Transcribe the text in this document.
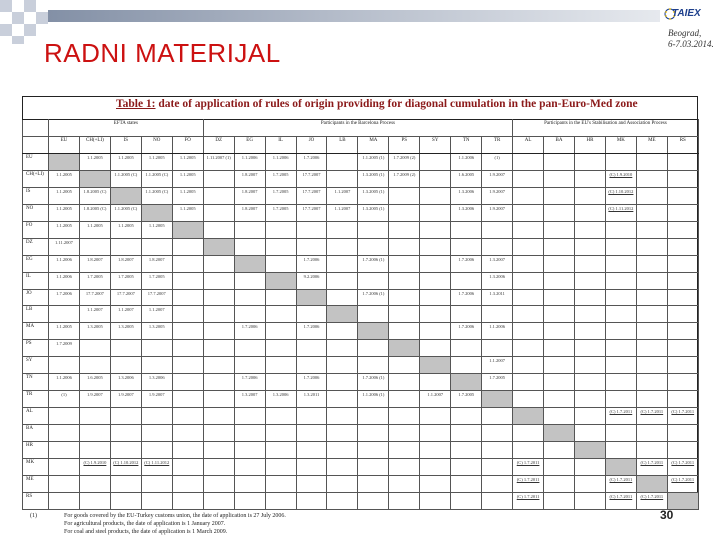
RADNI MATERIJAL
TAIEX
Beograd,
6-7.03.2014.
Table 1: date of application of rules of origin providing for diagonal cumulation in the pan-Euro-Med zone
	EFTA states					Participants in the Barcelona Process										Participants in the EU's Stabilisation and Association Process					
	EU	CH(+LI)	IS	NO	FO	DZ	EG	IL	JO	LB	MA	PS	SY	TN	TR	AL	BA	HR	MK	ME	RS
EU		1.1.2005	1.1.2005	1.1.2005	1.1.2005	1.11.2007 (1)	1.1.2006	1.1.2006	1.7.2006		1.1.2005 (1)	1.7.2009 (2)		1.1.2006	(1)						
CH(+LI)	1.1.2005		1.1.2005 (C)	1.1.2005 (C)	1.1.2005		1.8.2007	1.7.2005	17.7.2007		1.3.2005 (1)	1.7.2009 (2)		1.6.2005	1.9.2007				(C) 1.9.2010		
IS	1.1.2005	1.8.2005 (C)		1.1.2005 (C)	1.1.2005		1.8.2007	1.7.2005	17.7.2007	1.1.2007	1.3.2005 (1)			1.3.2006	1.9.2007				(C) 1.10.2012		
NO	1.1.2005	1.8.2005 (C)	1.1.2005 (C)		1.1.2005		1.8.2007	1.7.2005	17.7.2007	1.1.2007	1.3.2005 (1)			1.3.2006	1.9.2007				(C) 1.11.2012		
FO	1.1.2005	1.1.2005	1.1.2005	1.1.2005																	
DZ	1.11.2007																				
EG	1.1.2006	1.8.2007	1.8.2007	1.8.2007					1.7.2006		1.7.2006 (1)			1.7.2006	1.3.2007						
IL	1.1.2006	1.7.2005	1.7.2005	1.7.2005					9.2.2006						1.3.2006						
JO	1.7.2006	17.7.2007	17.7.2007	17.7.2007							1.7.2006 (1)			1.7.2006	1.3.2011						
LB		1.1.2007	1.1.2007	1.1.2007																	
MA	1.1.2005	1.3.2005	1.3.2005	1.3.2005			1.7.2006		1.7.2006					1.7.2006	1.1.2006						
PS	1.7.2009																				
SY															1.1.2007						
TN	1.1.2006	1.6.2005	1.3.2006	1.3.2006			1.7.2006		1.7.2006		1.7.2006 (1)				1.7.2005						
TR	(1)	1.9.2007	1.9.2007	1.9.2007			1.3.2007	1.3.2006	1.3.2011		1.1.2006 (1)		1.1.2007	1.7.2005							
AL																			(C) 1.7.2011	(C) 1.7.2011	(C) 1.7.2011
BA																					
HR																					
MK		(C) 1.9.2010	(C) 1.10.2012	(C) 1.11.2012												(C) 1.7.2011				(C) 1.7.2011	(C) 1.7.2011
ME																(C) 1.7.2011			(C) 1.7.2011		(C) 1.7.2011
RS																(C) 1.7.2011			(C) 1.7.2011	(C) 1.7.2011	
(1)	For goods covered by the EU-Turkey customs union, the date of application is 27 July 2006.
For agricultural products, the date of application is 1 January 2007.
For coal and steel products, the date of application is 1 March 2009.
30
